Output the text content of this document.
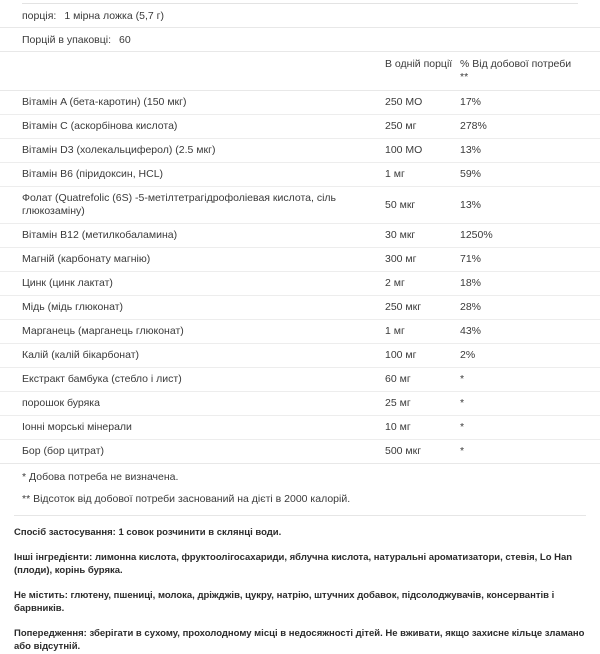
порція: 1 мірна ложка (5,7 г)
Порцій в упаковці: 60
	В одній порції	% Від добової потреби **
Вітамін A (бета-каротин) (150 мкг)	250 МО	17%
Вітамін C (аскорбінова кислота)	250 мг	278%
Вітамін D3 (холекальциферол) (2.5 мкг)	100 МО	13%
Вітамін B6 (піридоксин, HCL)	1 мг	59%
Фолат (Quatrefolic (6S) -5-метілтетрагідрофоліевая кислота, сіль глюкозаміну)	50 мкг	13%
Вітамін B12 (метилкобаламина)	30 мкг	1250%
Магній (карбонату магнію)	300 мг	71%
Цинк (цинк лактат)	2 мг	18%
Мідь (мідь глюконат)	250 мкг	28%
Марганець (марганець глюконат)	1 мг	43%
Калій (калій бікарбонат)	100 мг	2%
Екстракт бамбука (стебло і лист)	60 мг	*
порошок буряка	25 мг	*
Іонні морські мінерали	10 мг	*
Бор (бор цитрат)	500 мкг	*
* Добова потреба не визначена.
** Відсоток від добової потреби заснований на дієті в 2000 калорій.

Спосіб застосування: 1 совок розчинити в склянці води.

Інші інгредієнти: лимонна кислота, фруктоолігосахариди, яблучна кислота, натуральні ароматизатори, стевія, Lo Han (плоди), корінь буряка.

Не містить: глютену, пшениці, молока, дріжджів, цукру, натрію, штучних добавок, підсолоджувачів, консервантів і барвників.

Попередження: зберігати в сухому, прохолодному місці в недосяжності дітей. Не вживати, якщо захисне кільце зламано або відсутній.
